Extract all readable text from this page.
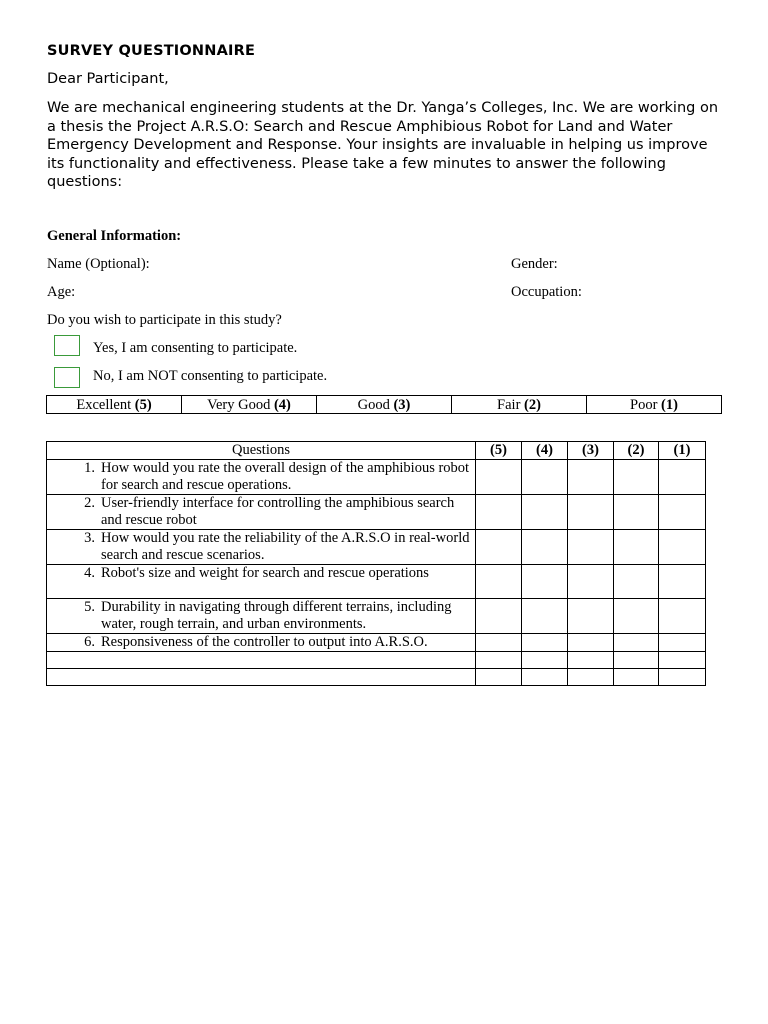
SURVEY QUESTIONNAIRE
Dear Participant,
We are mechanical engineering students at the Dr. Yanga’s Colleges, Inc. We are working on a thesis the Project A.R.S.O: Search and Rescue Amphibious Robot for Land and Water Emergency Development and Response. Your insights are invaluable in helping us improve its functionality and effectiveness. Please take a few minutes to answer the following questions:
General Information:
Name (Optional):	Gender:
Age:	Occupation:
Do you wish to participate in this study?
Yes, I am consenting to participate.
No, I am NOT consenting to participate.
Excellent (5)	Very Good (4)	Good (3)	Fair (2)	Poor (1)
Questions	(5)	(4)	(3)	(2)	(1)

1. How would you rate the overall design of the amphibious robot for search and rescue operations.					

2. User-friendly interface for controlling the amphibious search and rescue robot					

3. How would you rate the reliability of the A.R.S.O in real-world search and rescue scenarios.					

4. Robot's size and weight for search and rescue operations					

5. Durability in navigating through different terrains, including water, rough terrain, and urban environments.					

6. Responsiveness of the controller to output into A.R.S.O.					
